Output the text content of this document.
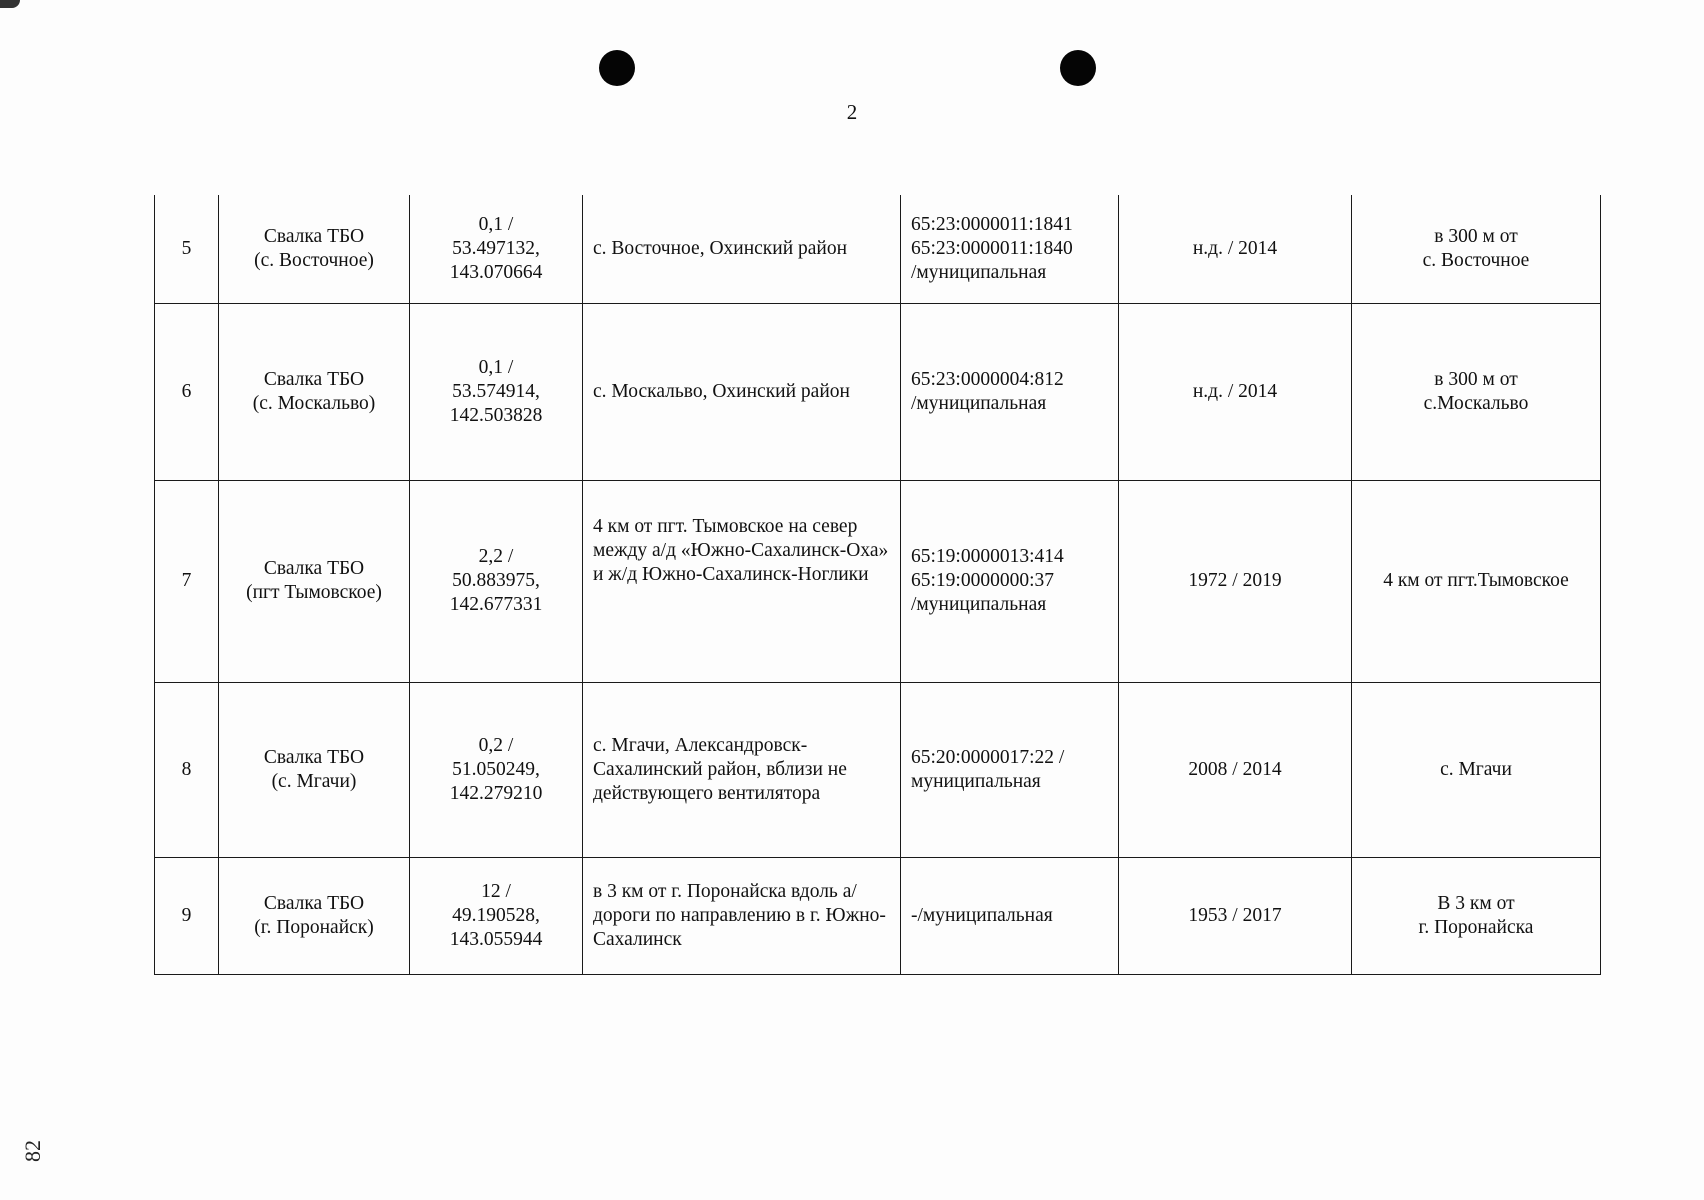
2
5	Свалка ТБО
(с. Восточное)	0,1 /
53.497132,
143.070664	с. Восточное, Охинский район	65:23:0000011:1841
65:23:0000011:1840
/муниципальная	н.д. / 2014	в 300 м от
с. Восточное

6	Свалка ТБО
(с. Москальво)	0,1 /
53.574914,
142.503828	с. Москальво, Охинский район	65:23:0000004:812
/муниципальная	н.д. / 2014	в 300 м от
с.Москальво

7	Свалка ТБО
(пгт Тымовское)	2,2 /
50.883975,
142.677331	4 км от пгт. Тымовское на север между а/д «Южно-Сахалинск-Оха» и ж/д Южно-Сахалинск-Ноглики	65:19:0000013:414
65:19:0000000:37
/муниципальная	1972 / 2019	4 км от пгт.Тымовское

8	Свалка ТБО
(с. Мгачи)	0,2 /
51.050249,
142.279210	с. Мгачи, Александровск-Сахалинский район, вблизи не действующего вентилятора	65:20:0000017:22 /
муниципальная	2008 / 2014	с. Мгачи

9	Свалка ТБО
(г. Поронайск)	12 /
49.190528,
143.055944	в 3 км от г. Поронайска вдоль а/дороги по направлению в г. Южно-Сахалинск	-/муниципальная	1953 / 2017	В 3 км от
г. Поронайска
82
